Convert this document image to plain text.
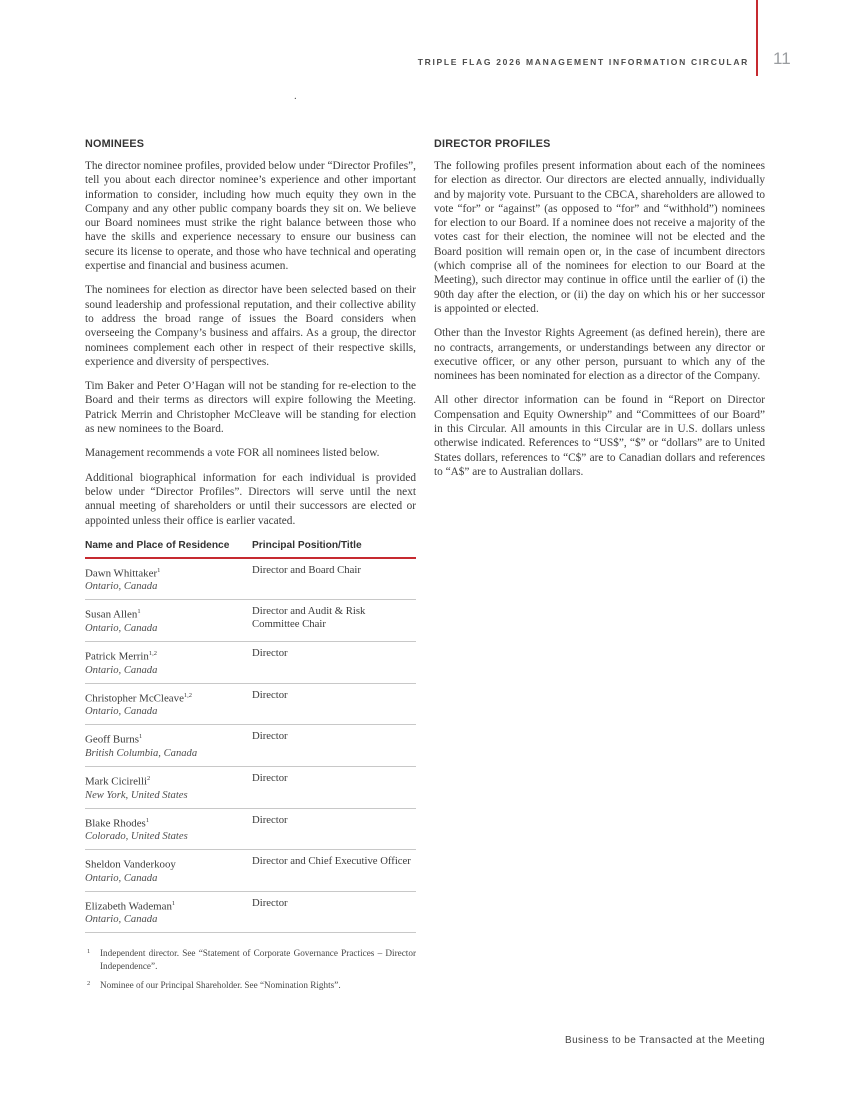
TRIPLE FLAG 2026 MANAGEMENT INFORMATION CIRCULAR 11
.
NOMINEES

The director nominee profiles, provided below under “Director Profiles”, tell you about each director nominee’s experience and other important information to consider, including how much equity they own in the Company and any other public company boards they sit on. We believe our Board nominees must strike the right balance between those who have the skills and experience necessary to ensure our business can secure its license to operate, and those who have technical and operating expertise and financial and business acumen.

The nominees for election as director have been selected based on their sound leadership and professional reputation, and their collective ability to address the broad range of issues the Board considers when overseeing the Company’s business and affairs. As a group, the director nominees complement each other in respect of their respective skills, experience and diversity of perspectives.

Tim Baker and Peter O’Hagan will not be standing for re-election to the Board and their terms as directors will expire following the Meeting. Patrick Merrin and Christopher McCleave will be standing for election as new nominees to the Board.

Management recommends a vote FOR all nominees listed below.

Additional biographical information for each individual is provided below under “Director Profiles”. Directors will serve until the next annual meeting of shareholders or until their successors are elected or appointed unless their office is earlier vacated.

Name and Place of Residence	Principal Position/Title

Dawn Whittaker$^1$
Ontario, Canada	Director and Board Chair

Susan Allen$^1$
Ontario, Canada	Director and Audit & Risk Committee Chair

Patrick Merrin$^{1,2}$
Ontario, Canada	Director

Christopher McCleave$^{1,2}$
Ontario, Canada	Director

Geoff Burns$^1$
British Columbia, Canada	Director

Mark Cicirelli$^2$
New York, United States	Director

Blake Rhodes$^1$
Colorado, United States	Director

Sheldon Vanderkooy
Ontario, Canada	Director and Chief Executive Officer

Elizabeth Wademan$^1$
Ontario, Canada	Director
1 Independent director. See “Statement of Corporate Governance Practices – Director Independence”.
2 Nominee of our Principal Shareholder. See “Nomination Rights”.
DIRECTOR PROFILES

The following profiles present information about each of the nominees for election as director. Our directors are elected annually, individually and by majority vote. Pursuant to the CBCA, shareholders are allowed to vote “for” or “against” (as opposed to “for” and “withhold”) nominees for election to our Board. If a nominee does not receive a majority of the votes cast for their election, the nominee will not be elected and the Board position will remain open or, in the case of incumbent directors (which comprise all of the nominees for election to our Board at the Meeting), such director may continue in office until the earlier of (i) the 90th day after the election, or (ii) the day on which his or her successor is appointed or elected.

Other than the Investor Rights Agreement (as defined herein), there are no contracts, arrangements, or understandings between any director or executive officer, or any other person, pursuant to which any of the nominees has been nominated for election as a director of the Company.

All other director information can be found in “Report on Director Compensation and Equity Ownership” and “Committees of our Board” in this Circular. All amounts in this Circular are in U.S. dollars unless otherwise indicated. References to “US$”, “$” or “dollars” are to United States dollars, references to “C$” are to Canadian dollars and references to “A$” are to Australian dollars.

Business to be Transacted at the Meeting
